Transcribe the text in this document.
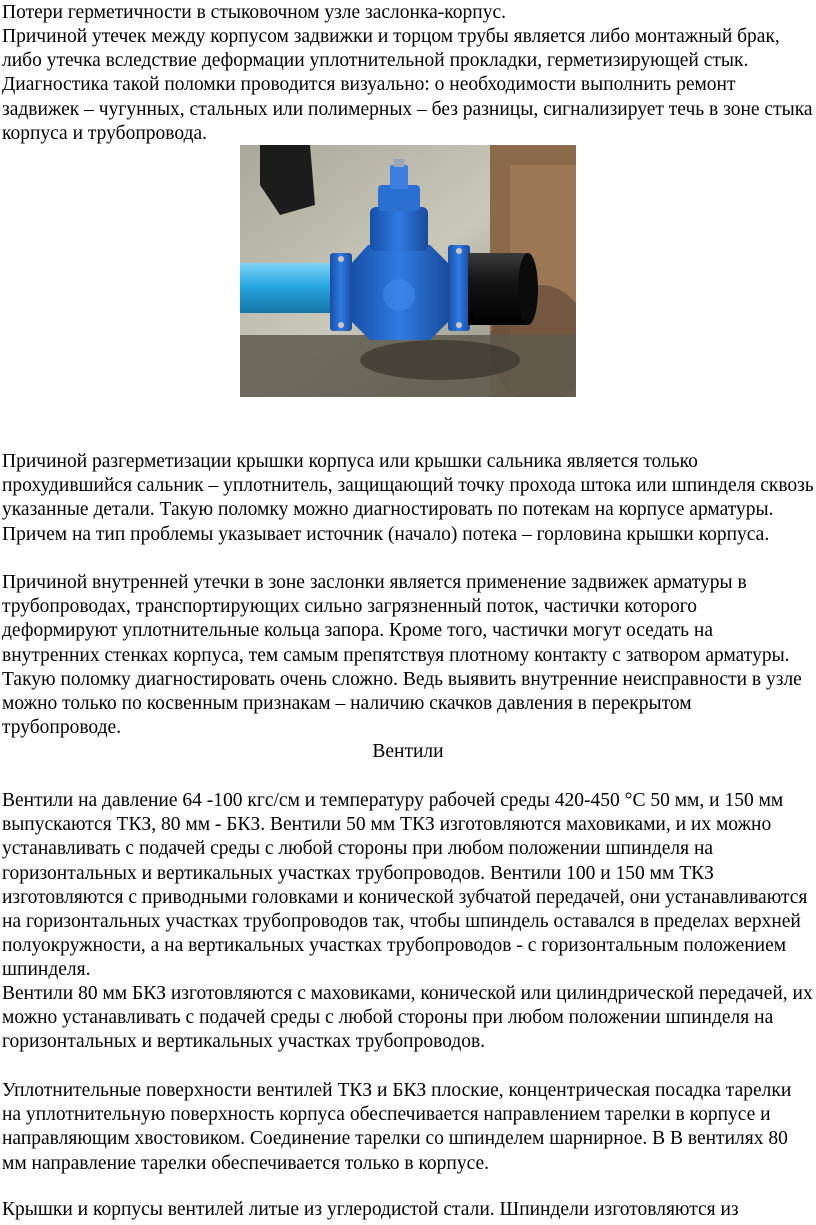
Потери герметичности в стыковочном узле заслонка-корпус.

Причиной утечек между корпусом задвижки и торцом трубы является либо монтажный брак, либо утечка вследствие деформации уплотнительной прокладки, герметизирующей стык. Диагностика такой поломки проводится визуально: о необходимости выполнить ремонт задвижек – чугунных, стальных или полимерных – без разницы, сигнализирует течь в зоне стыка корпуса и трубопровода.

Причиной разгерметизации крышки корпуса или крышки сальника является только прохудившийся сальник – уплотнитель, защищающий точку прохода штока или шпинделя сквозь указанные детали. Такую поломку можно диагностировать по потекам на корпусе арматуры. Причем на тип проблемы указывает источник (начало) потека – горловина крышки корпуса.

Причиной внутренней утечки в зоне заслонки является применение задвижек арматуры в трубопроводах, транспортирующих сильно загрязненный поток, частички которого деформируют уплотнительные кольца запора. Кроме того, частички могут оседать на внутренних стенках корпуса, тем самым препятствуя плотному контакту с затвором арматуры. Такую поломку диагностировать очень сложно. Ведь выявить внутренние неисправности в узле можно только по косвенным признакам – наличию скачков давления в перекрытом трубопроводе.

Вентили

Вентили на давление 64 -100 кгс/см и температуру рабочей среды 420-450 °С 50 мм, и 150 мм выпускаются ТКЗ, 80 мм - БКЗ. Вентили 50 мм ТКЗ изготовляются маховиками, и их можно устанавливать с подачей среды с любой стороны при любом положении шпинделя на горизонтальных и вертикальных участках трубопроводов. Вентили 100 и 150 мм ТКЗ изготовляются с приводными головками и конической зубчатой передачей, они устанавливаются на горизонтальных участках трубопроводов так, чтобы шпиндель оставался в пределах верхней полуокружности, а на вертикальных участках трубопроводов - с горизонтальным положением шпинделя.

Вентили 80 мм БКЗ изготовляются с маховиками, конической или цилиндрической передачей, их можно устанавливать с подачей среды с любой стороны при любом положении шпинделя на горизонтальных и вертикальных участках трубопроводов.

Уплотнительные поверхности вентилей ТКЗ и БКЗ плоские, концентрическая посадка тарелки на уплотнительную поверхность корпуса обеспечивается направлением тарелки в корпусе и направляющим хвостовиком. Соединение тарелки со шпинделем шарнирное. В В вентилях 80 мм направление тарелки обеспечивается только в корпусе.

Крышки и корпусы вентилей литые из углеродистой стали. Шпиндели изготовляются из
